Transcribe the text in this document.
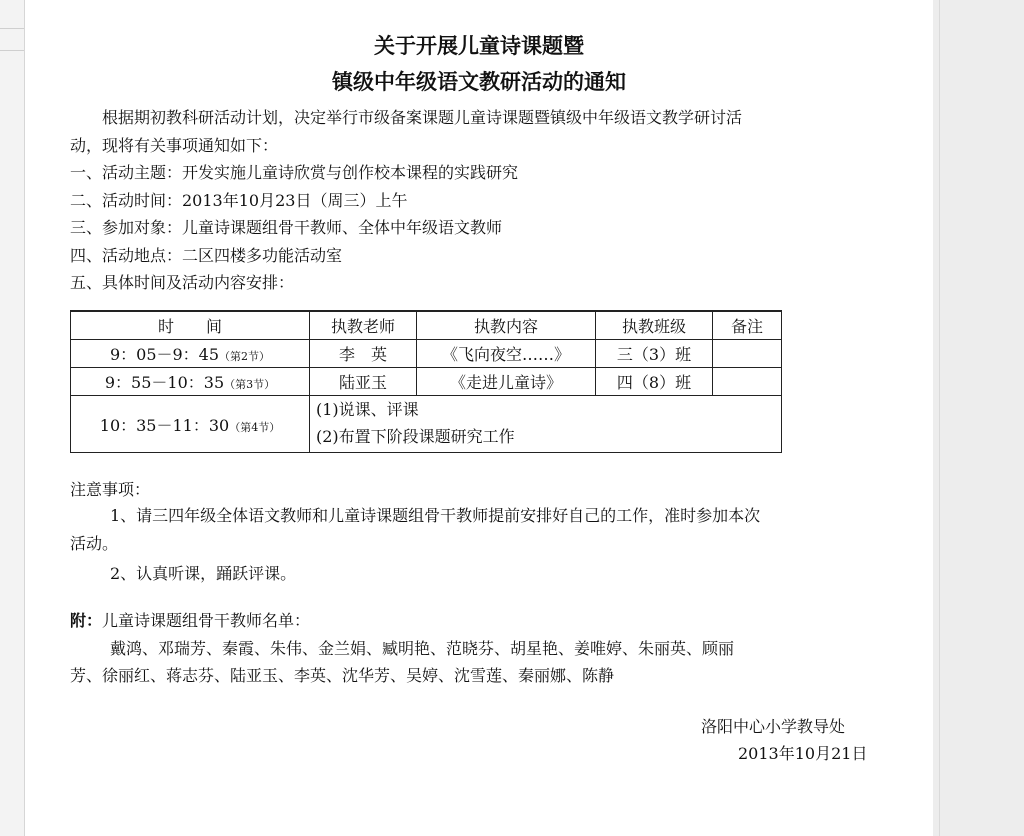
关于开展儿童诗课题暨
镇级中年级语文教研活动的通知
根据期初教科研活动计划，决定举行市级备案课题儿童诗课题暨镇级中年级语文教学研讨活
动，现将有关事项通知如下：
一、活动主题：开发实施儿童诗欣赏与创作校本课程的实践研究
二、活动时间：2013年10月23日（周三）上午
三、参加对象：儿童诗课题组骨干教师、全体中年级语文教师
四、活动地点：二区四楼多功能活动室
五、具体时间及活动内容安排：
时　　间	执教老师	执教内容	执教班级	备注
9：05－9：45（第2节）	李　英	《飞向夜空……》	三（3）班	
9：55－10：35（第3节）	陆亚玉	《走进儿童诗》	四（8）班	
10：35－11：30（第4节）	(1)说课、评课
(2)布置下阶段课题研究工作			
注意事项：
1、请三四年级全体语文教师和儿童诗课题组骨干教师提前安排好自己的工作，准时参加本次
活动。
2、认真听课，踊跃评课。
附：儿童诗课题组骨干教师名单：
戴鸿、邓瑞芳、秦霞、朱伟、金兰娟、臧明艳、范晓芬、胡星艳、姜唯婷、朱丽英、顾丽
芳、徐丽红、蒋志芬、陆亚玉、李英、沈华芳、吴婷、沈雪莲、秦丽娜、陈静
洛阳中心小学教导处
2013年10月21日
